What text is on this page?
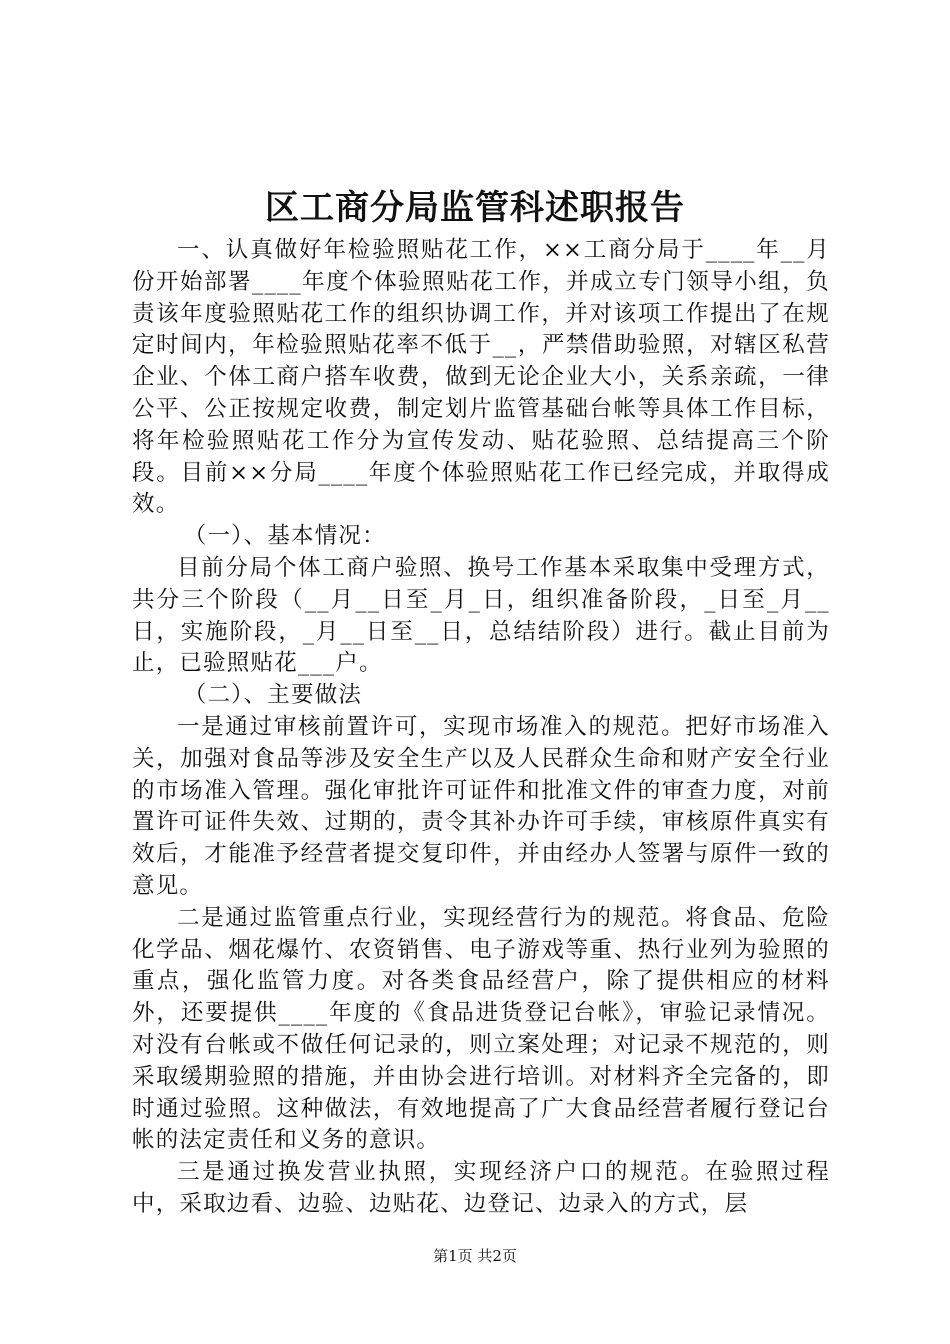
区工商分局监管科述职报告

一、认真做好年检验照贴花工作，××工商分局于____年__月份开始部署____年度个体验照贴花工作，并成立专门领导小组，负责该年度验照贴花工作的组织协调工作，并对该项工作提出了在规定时间内，年检验照贴花率不低于__，严禁借助验照，对辖区私营企业、个体工商户搭车收费，做到无论企业大小，关系亲疏，一律公平、公正按规定收费，制定划片监管基础台帐等具体工作目标，将年检验照贴花工作分为宣传发动、贴花验照、总结提高三个阶段。目前××分局____年度个体验照贴花工作已经完成，并取得成效。

（一）、基本情况：

目前分局个体工商户验照、换号工作基本采取集中受理方式，共分三个阶段（__月__日至_月_日，组织准备阶段，_日至_月__日，实施阶段，_月__日至__日，总结结阶段）进行。截止目前为止，已验照贴花___户。

（二）、主要做法

一是通过审核前置许可，实现市场准入的规范。把好市场准入关，加强对食品等涉及安全生产以及人民群众生命和财产安全行业的市场准入管理。强化审批许可证件和批准文件的审查力度，对前置许可证件失效、过期的，责令其补办许可手续，审核原件真实有效后，才能准予经营者提交复印件，并由经办人签署与原件一致的意见。

二是通过监管重点行业，实现经营行为的规范。将食品、危险化学品、烟花爆竹、农资销售、电子游戏等重、热行业列为验照的重点，强化监管力度。对各类食品经营户，除了提供相应的材料外，还要提供____年度的《食品进货登记台帐》，审验记录情况。对没有台帐或不做任何记录的，则立案处理；对记录不规范的，则采取缓期验照的措施，并由协会进行培训。对材料齐全完备的，即时通过验照。这种做法，有效地提高了广大食品经营者履行登记台帐的法定责任和义务的意识。

三是通过换发营业执照，实现经济户口的规范。在验照过程中，采取边看、边验、边贴花、边登记、边录入的方式，层

第1页 共2页
